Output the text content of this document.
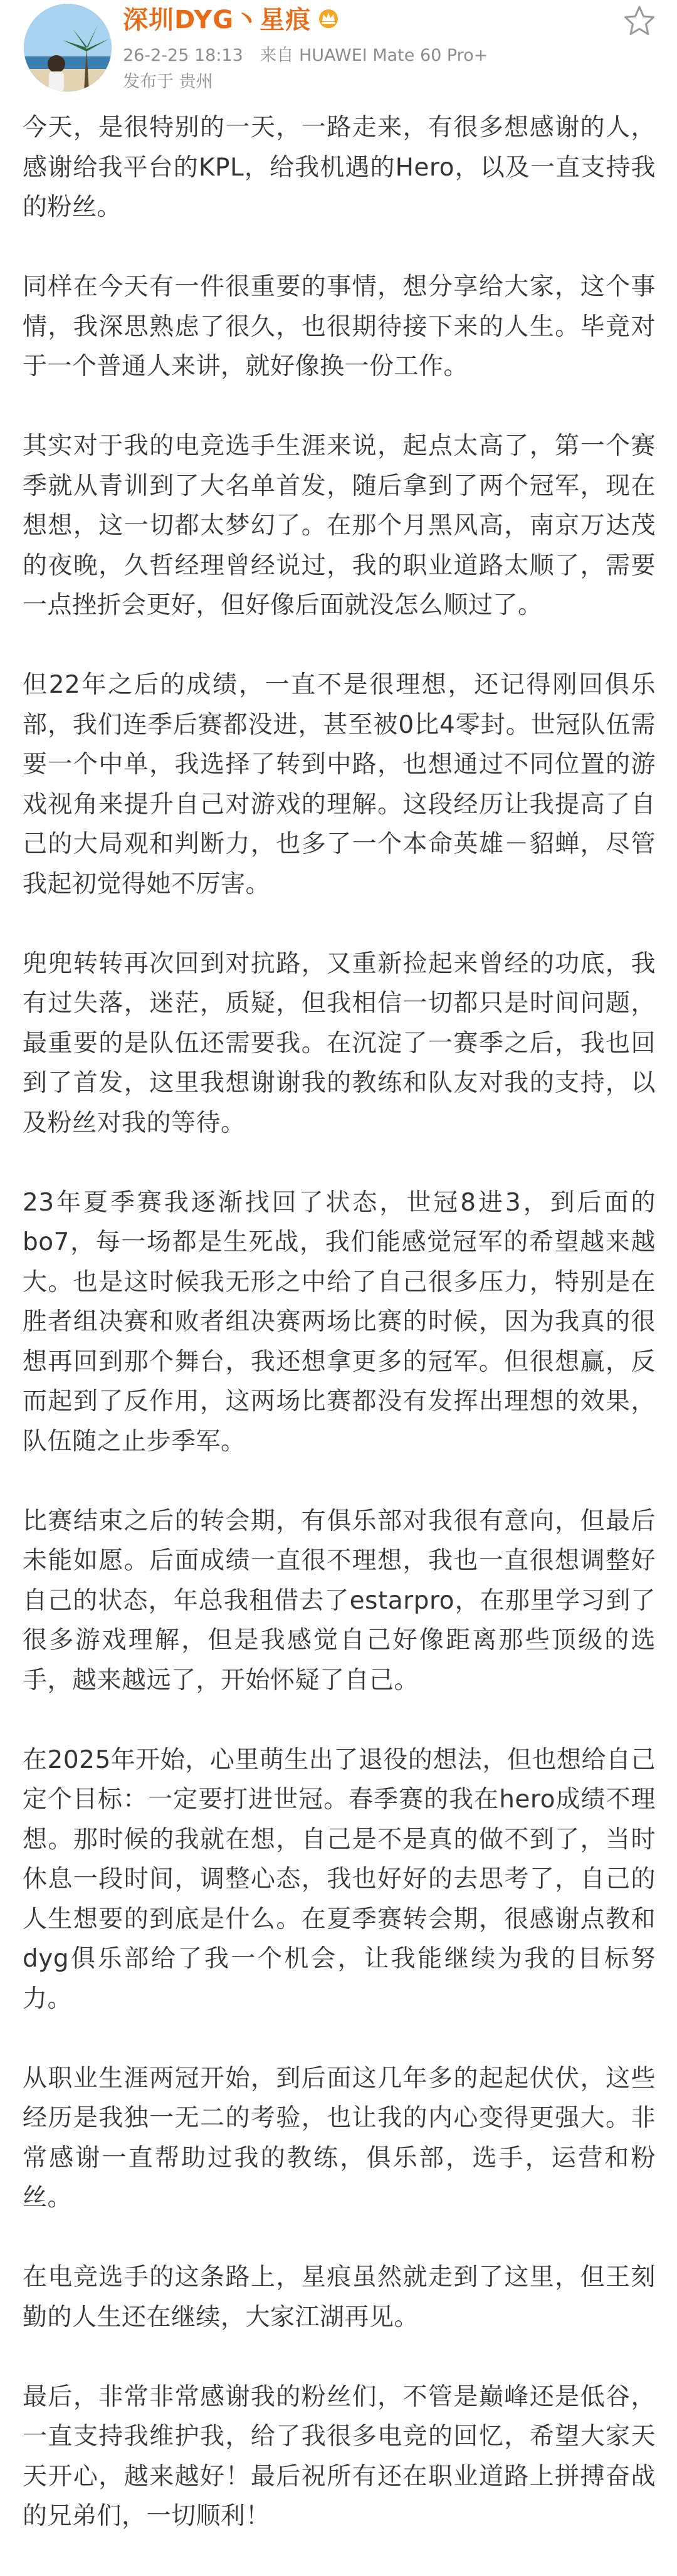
深圳DYG丶星痕
26-2-25 18:13 来自 HUAWEI Mate 60 Pro+
发布于 贵州

今天，是很特别的一天，一路走来，有很多想感谢的人，感谢给我平台的KPL，给我机遇的Hero，以及一直支持我的粉丝。

同样在今天有一件很重要的事情，想分享给大家，这个事情，我深思熟虑了很久，也很期待接下来的人生。毕竟对于一个普通人来讲，就好像换一份工作。

其实对于我的电竞选手生涯来说，起点太高了，第一个赛季就从青训到了大名单首发，随后拿到了两个冠军，现在想想，这一切都太梦幻了。在那个月黑风高，南京万达茂的夜晚，久哲经理曾经说过，我的职业道路太顺了，需要一点挫折会更好，但好像后面就没怎么顺过了。

但22年之后的成绩，一直不是很理想，还记得刚回俱乐部，我们连季后赛都没进，甚至被0比4零封。世冠队伍需要一个中单，我选择了转到中路，也想通过不同位置的游戏视角来提升自己对游戏的理解。这段经历让我提高了自己的大局观和判断力，也多了一个本命英雄－貂蝉，尽管我起初觉得她不厉害。

兜兜转转再次回到对抗路，又重新捡起来曾经的功底，我有过失落，迷茫，质疑，但我相信一切都只是时间问题，最重要的是队伍还需要我。在沉淀了一赛季之后，我也回到了首发，这里我想谢谢我的教练和队友对我的支持，以及粉丝对我的等待。

23年夏季赛我逐渐找回了状态，世冠8进3，到后面的bo7，每一场都是生死战，我们能感觉冠军的希望越来越大。也是这时候我无形之中给了自己很多压力，特别是在胜者组决赛和败者组决赛两场比赛的时候，因为我真的很想再回到那个舞台，我还想拿更多的冠军。但很想赢，反而起到了反作用，这两场比赛都没有发挥出理想的效果，队伍随之止步季军。

比赛结束之后的转会期，有俱乐部对我很有意向，但最后未能如愿。后面成绩一直很不理想，我也一直很想调整好自己的状态，年总我租借去了estarpro，在那里学习到了很多游戏理解，但是我感觉自己好像距离那些顶级的选手，越来越远了，开始怀疑了自己。

在2025年开始，心里萌生出了退役的想法，但也想给自己定个目标：一定要打进世冠。春季赛的我在hero成绩不理想。那时候的我就在想，自己是不是真的做不到了，当时休息一段时间，调整心态，我也好好的去思考了，自己的人生想要的到底是什么。在夏季赛转会期，很感谢点教和dyg俱乐部给了我一个机会，让我能继续为我的目标努力。

从职业生涯两冠开始，到后面这几年多的起起伏伏，这些经历是我独一无二的考验，也让我的内心变得更强大。非常感谢一直帮助过我的教练，俱乐部，选手，运营和粉丝。

在电竞选手的这条路上，星痕虽然就走到了这里，但王刻勤的人生还在继续，大家江湖再见。

最后，非常非常感谢我的粉丝们，不管是巅峰还是低谷，一直支持我维护我，给了我很多电竞的回忆，希望大家天天开心，越来越好！最后祝所有还在职业道路上拼搏奋战的兄弟们，一切顺利！
